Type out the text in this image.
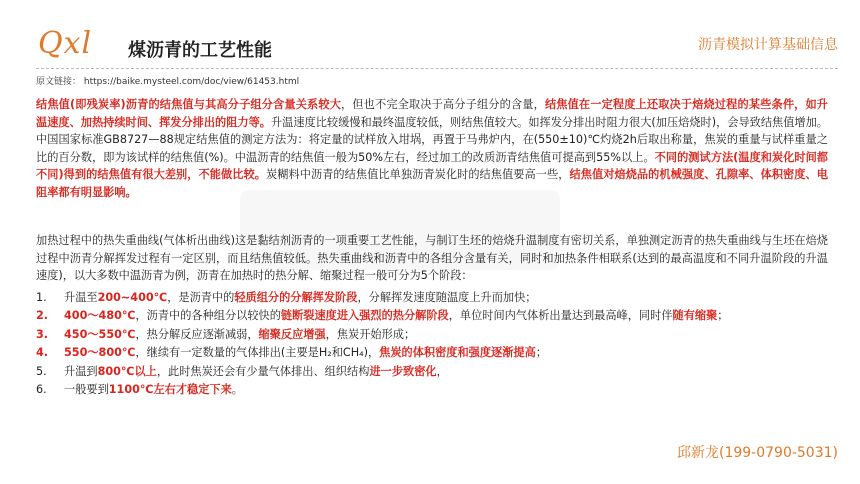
Qxl 煤沥青的工艺性能	沥青模拟计算基础信息
原文链接： https://baike.mysteel.com/doc/view/61453.html
结焦值(即残炭率)沥青的结焦值与其高分子组分含量关系较大，但也不完全取决于高分子组分的含量，结焦值在一定程度上还取决于焙烧过程的某些条件，如升温速度、加热持续时间、挥发分排出的阻力等。升温速度比较缓慢和最终温度较低，则结焦值较大。如挥发分排出时阻力很大(加压焙烧时)，会导致结焦值增加。中国国家标准GB8727—88规定结焦值的测定方法为：将定量的试样放入坩埚，再置于马弗炉内，在(550±10)℃灼烧2h后取出称量，焦炭的重量与试样重量之比的百分数，即为该试样的结焦值(%)。中温沥青的结焦值一般为50%左右，经过加工的改质沥青结焦值可提高到55%以上。不同的测试方法(温度和炭化时间都不同)得到的结焦值有很大差别，不能做比较。炭糊料中沥青的结焦值比单独沥青炭化时的结焦值要高一些，结焦值对焙烧品的机械强度、孔隙率、体积密度、电阻率都有明显影响。
加热过程中的热失重曲线(气体析出曲线)这是黏结剂沥青的一项重要工艺性能，与制订生坯的焙烧升温制度有密切关系，单独测定沥青的热失重曲线与生坯在焙烧过程中沥青分解挥发过程有一定区别，而且结焦值较低。热失重曲线和沥青中的各组分含量有关，同时和加热条件相联系(达到的最高温度和不同升温阶段的升温速度)，以大多数中温沥青为例，沥青在加热时的热分解、缩聚过程一般可分为5个阶段：
1. 升温至200~400℃，是沥青中的轻质组分的分解挥发阶段，分解挥发速度随温度上升而加快；
2. 400～480℃，沥青中的各种组分以较快的链断裂速度进入强烈的热分解阶段，单位时间内气体析出量达到最高峰，同时伴随有缩聚；
3. 450～550℃，热分解反应逐渐减弱，缩聚反应增强，焦炭开始形成；
4. 550～800℃，继续有一定数量的气体排出(主要是H₂和CH₄)，焦炭的体积密度和强度逐渐提高；
5. 升温到800℃以上，此时焦炭还会有少量气体排出、组织结构进一步致密化，
6. 一般要到1100℃左右才稳定下来。
邱新龙(199-0790-5031)
